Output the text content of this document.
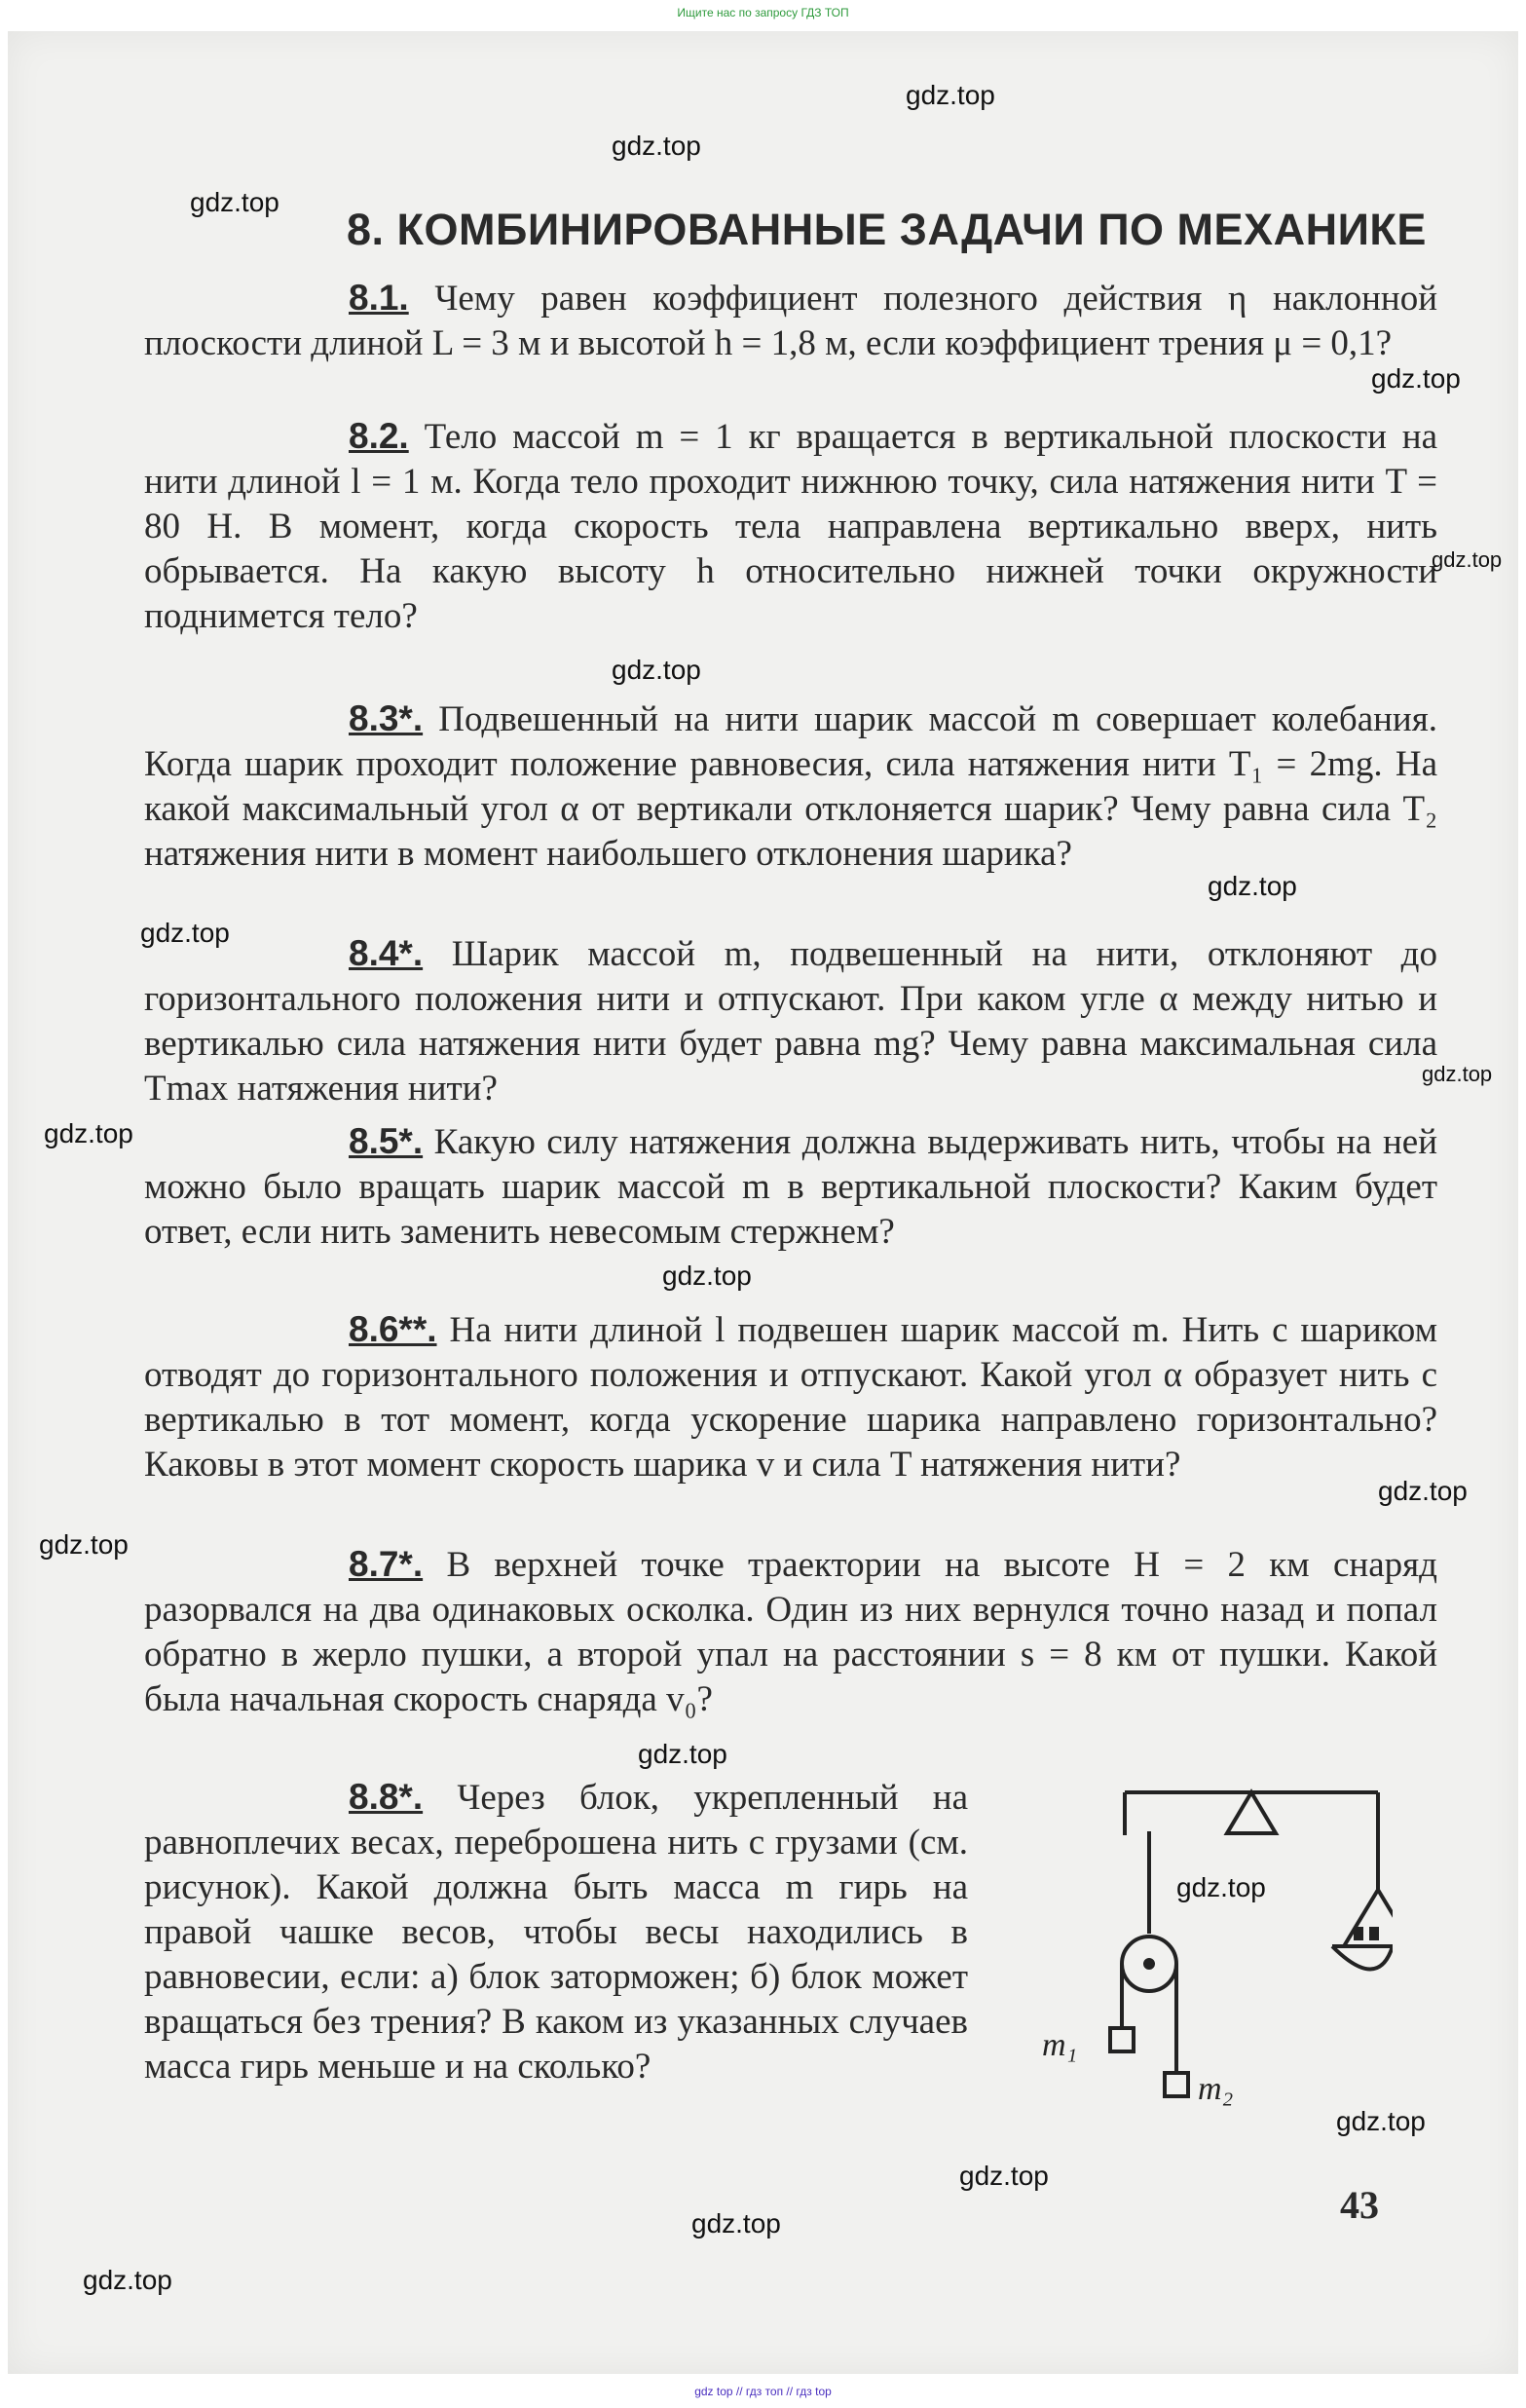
Ищите нас по запросу ГДЗ ТОП
8. КОМБИНИРОВАННЫЕ ЗАДАЧИ ПО МЕХАНИКЕ
8.1. Чему равен коэффициент полезного действия η наклонной плоскости длиной L = 3 м и высотой h = 1,8 м, если коэффициент трения μ = 0,1?
8.2. Тело массой m = 1 кг вращается в вертикальной плоскости на нити длиной l = 1 м. Когда тело проходит нижнюю точку, сила натяжения нити T = 80 Н. В момент, когда скорость тела направлена вертикально вверх, нить обрывается. На какую высоту h относительно нижней точки окружности поднимется тело?
8.3*. Подвешенный на нити шарик массой m совершает колебания. Когда шарик проходит положение равновесия, сила натяжения нити T₁ = 2mg. На какой максимальный угол α от вертикали отклоняется шарик? Чему равна сила T₂ натяжения нити в момент наибольшего отклонения шарика?
8.4*. Шарик массой m, подвешенный на нити, отклоняют до горизонтального положения нити и отпускают. При каком угле α между нитью и вертикалью сила натяжения нити будет равна mg? Чему равна максимальная сила Tmax натяжения нити?
8.5*. Какую силу натяжения должна выдерживать нить, чтобы на ней можно было вращать шарик массой m в вертикальной плоскости? Каким будет ответ, если нить заменить невесомым стержнем?
8.6**. На нити длиной l подвешен шарик массой m. Нить с шариком отводят до горизонтального положения и отпускают. Какой угол α образует нить с вертикалью в тот момент, когда ускорение шарика направлено горизонтально? Каковы в этот момент скорость шарика v и сила T натяжения нити?
8.7*. В верхней точке траектории на высоте H = 2 км снаряд разорвался на два одинаковых осколка. Один из них вернулся точно назад и попал обратно в жерло пушки, а второй упал на расстоянии s = 8 км от пушки. Какой была начальная скорость снаряда v₀?
8.8*. Через блок, укрепленный на равноплечих весах, переброшена нить с грузами (см. рисунок). Какой должна быть масса m гирь на правой чашке весов, чтобы весы находились в равновесии, если: а) блок заторможен; б) блок может вращаться без трения? В каком из указанных случаев масса гирь меньше и на сколько?
m₁
m₂
43
gdz.top
gdz.top
gdz.top
gdz.top
gdz.top
gdz.top
gdz.top
gdz.top
gdz.top
gdz.top
gdz.top
gdz.top
gdz.top
gdz.top
gdz.top
gdz.top
gdz.top
gdz.top
gdz.top
gdz top // гдз топ // гдз top
